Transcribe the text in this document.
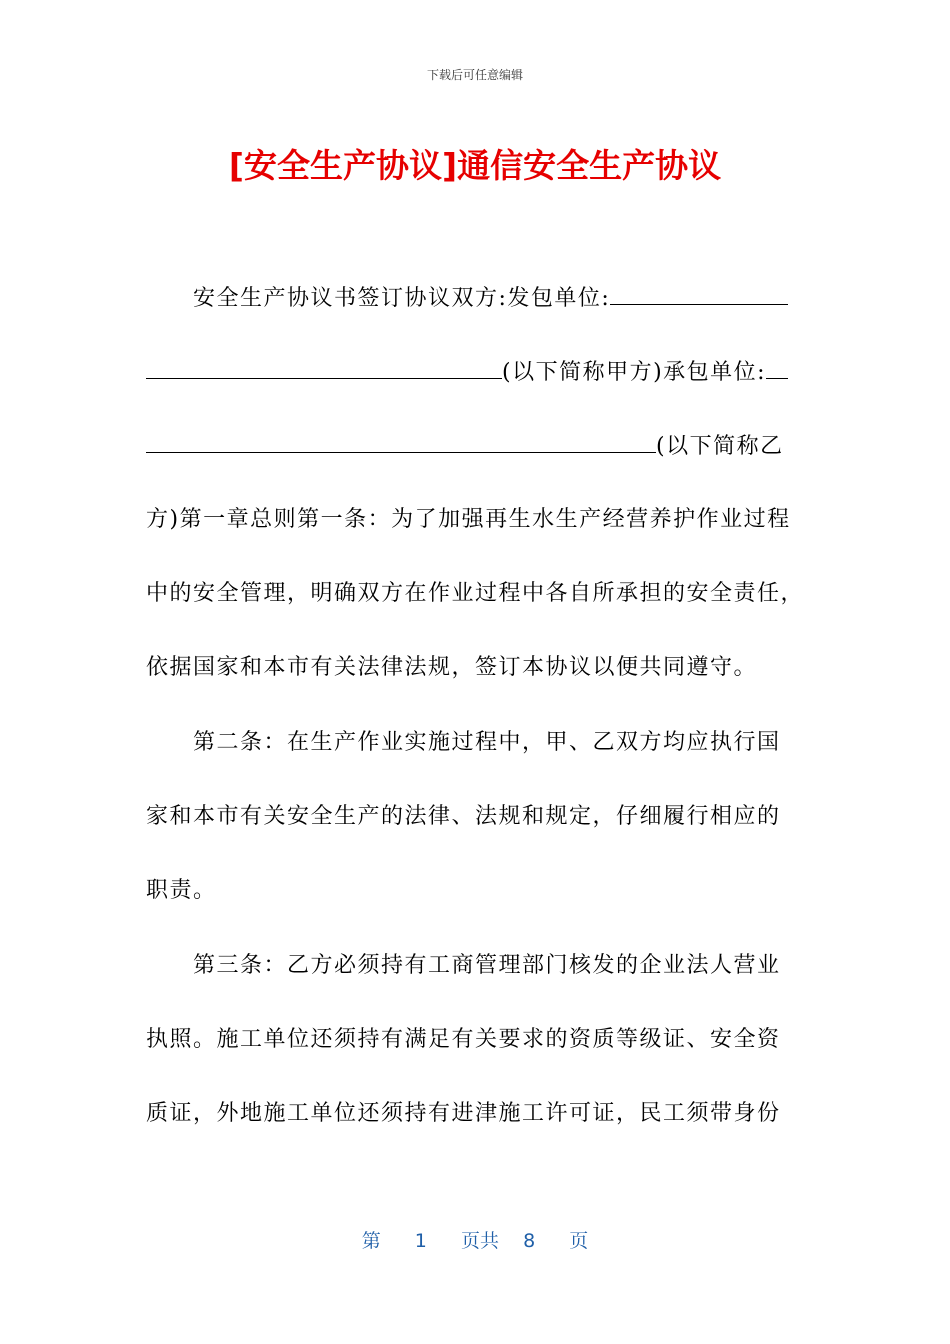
下载后可任意编辑
[安全生产协议]通信安全生产协议
安全生产协议书签订协议双方:发包单位:
(以下简称甲方)承包单位:
(以下简称乙
方)第一章总则第一条：为了加强再生水生产经营养护作业过程
中的安全管理，明确双方在作业过程中各自所承担的安全责任，
依据国家和本市有关法律法规，签订本协议以便共同遵守。
第二条：在生产作业实施过程中，甲、乙双方均应执行国
家和本市有关安全生产的法律、法规和规定，仔细履行相应的
职责。
第三条：乙方必须持有工商管理部门核发的企业法人营业
执照。施工单位还须持有满足有关要求的资质等级证、安全资
质证，外地施工单位还须持有进津施工许可证，民工须带身份
第 1 页共 8 页
